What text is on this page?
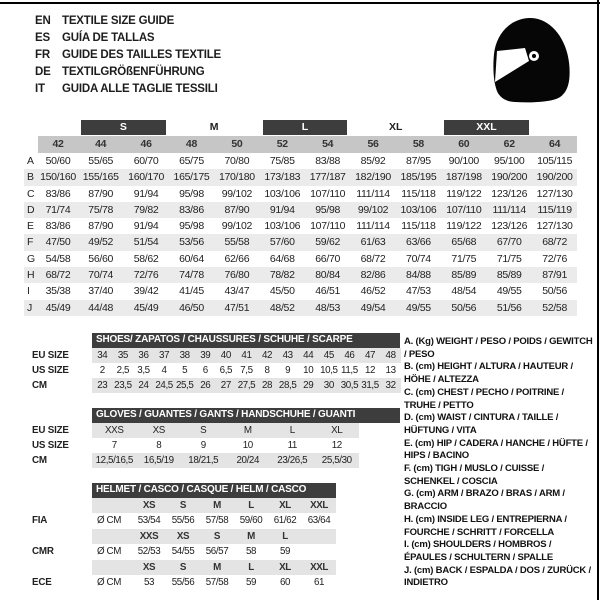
EN TEXTILE SIZE GUIDE
ES	GUÍA DE TALLAS
FR	GUIDE DES TAILLES TEXTILE
DE TEXTILGRÖßENFÜHRUNG
IT	GUIDA ALLE TAGLIE TESSILI
S	M	L	XL	XXL
42	44	46	48	50	52	54	56	58	60	62	64
A	50/60	55/65	60/70	65/75	70/80	75/85	83/88	85/92	87/95	90/100	95/100	105/115
B 150/160 155/165 160/170 165/175 170/180 173/183 177/187 182/190 185/195 187/198 190/200 190/200
C	83/86	87/90	91/94	95/98	99/102	103/106 107/110	111/114	115/118	119/122 123/126 127/130
D	71/74	75/78	79/82	83/86	87/90	91/94	95/98	99/102	103/106 107/110	111/114	115/119
E	83/86	87/90	91/94	95/98	99/102	103/106 107/110	111/114	115/118	119/122 123/126 127/130
F	47/50	49/52	51/54	53/56	55/58	57/60	59/62	61/63	63/66	65/68	67/70	68/72
G	54/58	56/60	58/62	60/64	62/66	64/68	66/70	68/72	70/74	71/75	71/75	72/76
H	68/72	70/74	72/76	74/78	76/80	78/82	80/84	82/86	84/88	85/89	85/89	87/91
I	35/38	37/40	39/42	41/45	43/47	45/50	46/51	46/52	47/53	48/54	49/55	50/56
J	45/49	44/48	45/49	46/50	47/51	48/52	48/53	49/54	49/55	50/56	51/56	52/58
SHOES/ ZAPATOS / CHAUSSURES / SCHUHE / SCARPE
EU SIZE	34	35	36	37	38	39	40	41	42	43	44	45	46	47	48
US SIZE	2	2,5 3,5	4	5	6	6,5 7,5	8	9	10 10,5 11,5 12	13
CM	23 23,5 24 24,5 25,5 26	27 27,5 28 28,5 29	30 30,5 31,5 32
GLOVES / GUANTES / GANTS / HANDSCHUHE / GUANTI
EU SIZE	XXS	XS	S	M	L	XL
US SIZE	7	8	9	10	11	12
CM	12,5/16,5	16,5/19	18/21,5	20/24	23/26,5	25,5/30
HELMET / CASCO / CASQUE / HELM / CASCO
XS	S	M	L	XL	XXL
FIA	Ø CM	53/54	55/56	57/58	59/60	61/62	63/64
XXS	XS	S	M	L
CMR	Ø CM	52/53	54/55	56/57	58	59
XS	S	M	L	XL	XXL
ECE	Ø CM	53	55/56	57/58	59	60	61
A. (Kg) WEIGHT / PESO / POIDS / GEWITCH / PESO
B. (cm) HEIGHT / ALTURA / HAUTEUR / HÖHE / ALTEZZA
C. (cm) CHEST / PECHO / POITRINE / TRUHE / PETTO
D. (cm) WAIST / CINTURA / TAILLE / HÜFTUNG / VITA
E. (cm) HIP / CADERA / HANCHE / HÜFTE / HIPS / BACINO
F. (cm) TIGH / MUSLO / CUISSE / SCHENKEL / COSCIA
G. (cm) ARM / BRAZO / BRAS / ARM / BRACCIO
H. (cm) INSIDE LEG / ENTREPIERNA / FOURCHE / SCHRITT / FORCELLA
I. (cm) SHOULDERS / HOMBROS / ÉPAULES / SCHULTERN / SPALLE
J. (cm) BACK / ESPALDA / DOS / ZURÜCK / INDIETRO
